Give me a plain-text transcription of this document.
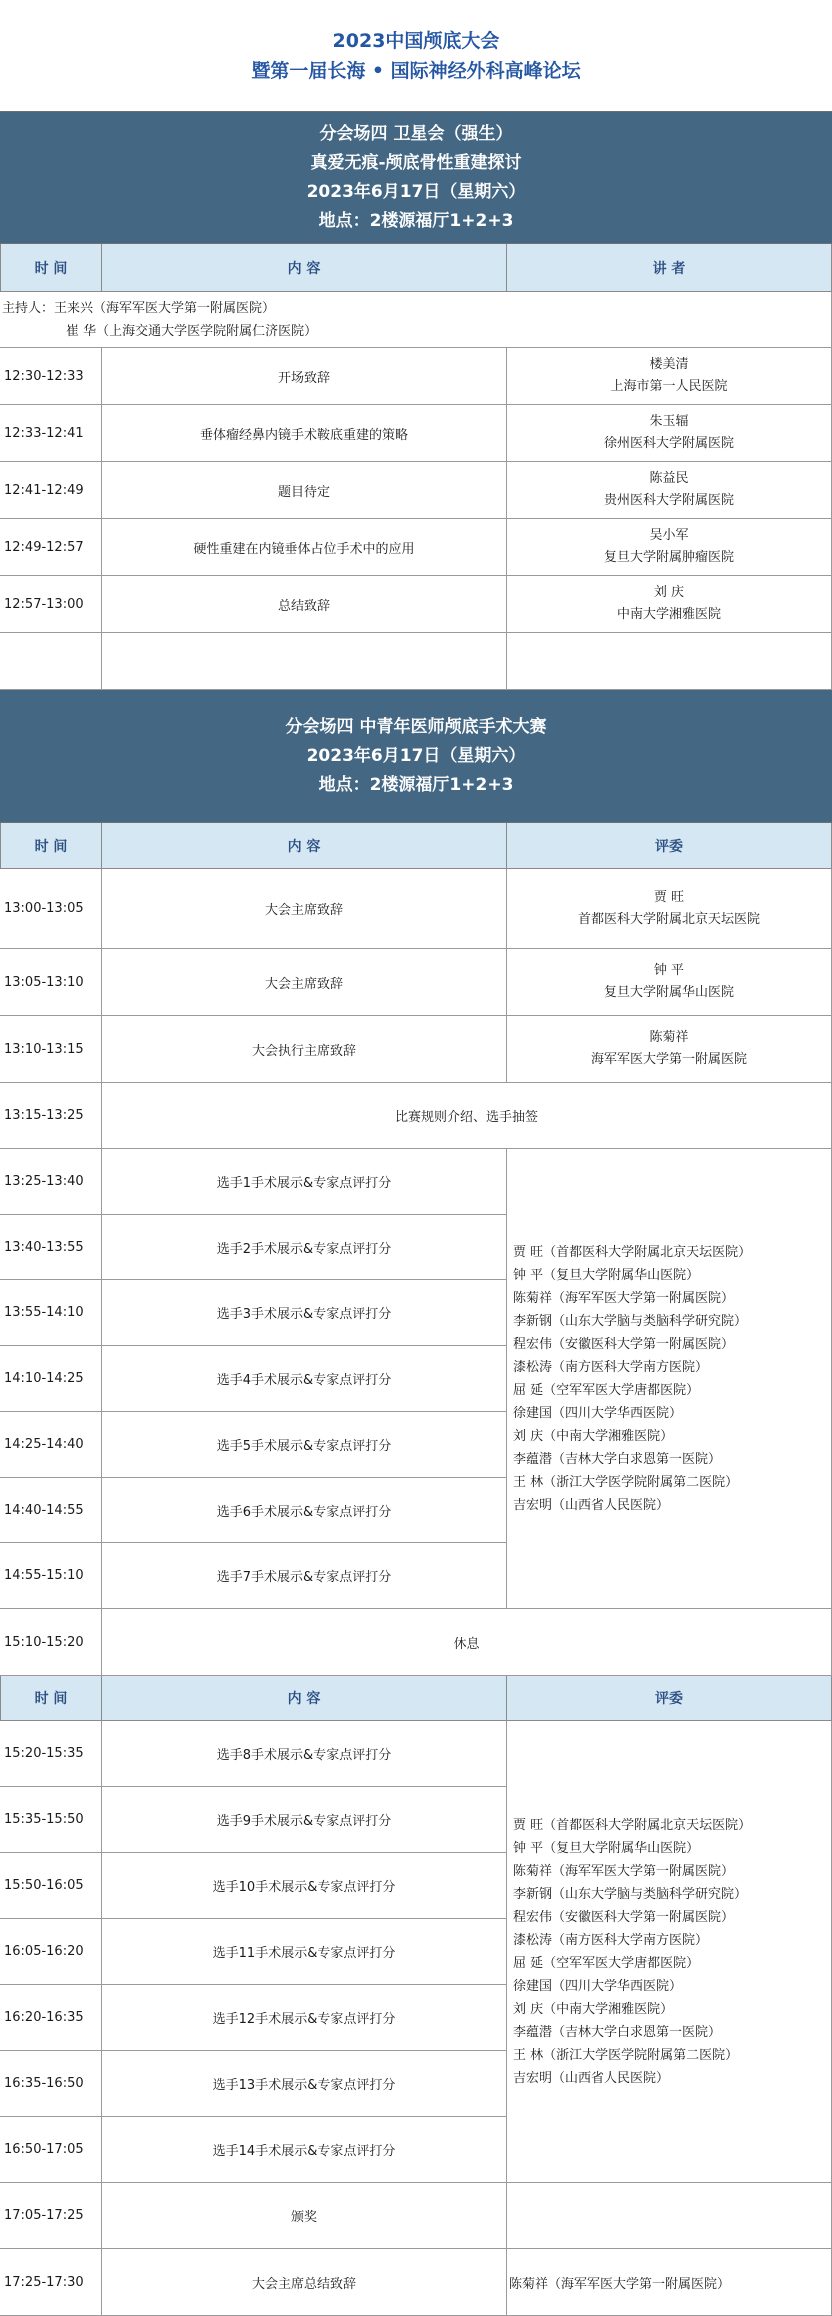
2023中国颅底大会
暨第一届长海 • 国际神经外科高峰论坛
分会场四 卫星会（强生）
真爱无痕-颅底骨性重建探讨
2023年6月17日（星期六）
地点：2楼源福厅1+2+3
时 间	内 容	讲 者
主持人：王来兴（海军军医大学第一附属医院）
崔 华（上海交通大学医学院附属仁济医院）
12:30-12:33	开场致辞
楼美清
上海市第一人民医院
12:33-12:41	垂体瘤经鼻内镜手术鞍底重建的策略
朱玉辐
徐州医科大学附属医院
12:41-12:49	题目待定
陈益民
贵州医科大学附属医院
12:49-12:57	硬性重建在内镜垂体占位手术中的应用
吴小军
复旦大学附属肿瘤医院
12:57-13:00	总结致辞
刘 庆
中南大学湘雅医院
分会场四 中青年医师颅底手术大赛
2023年6月17日（星期六）
地点：2楼源福厅1+2+3
时 间	内 容	评委
13:00-13:05	大会主席致辞
贾 旺
首都医科大学附属北京天坛医院
13:05-13:10	大会主席致辞
钟 平
复旦大学附属华山医院
13:10-13:15	大会执行主席致辞
陈菊祥
海军军医大学第一附属医院
13:15-13:25	比赛规则介绍、选手抽签
13:25-13:40	选手1手术展示&专家点评打分
13:40-13:55	选手2手术展示&专家点评打分
13:55-14:10	选手3手术展示&专家点评打分
14:10-14:25	选手4手术展示&专家点评打分
14:25-14:40	选手5手术展示&专家点评打分
14:40-14:55	选手6手术展示&专家点评打分
14:55-15:10	选手7手术展示&专家点评打分
贾 旺（首都医科大学附属北京天坛医院）
钟 平（复旦大学附属华山医院）
陈菊祥（海军军医大学第一附属医院）
李新钢（山东大学脑与类脑科学研究院）
程宏伟（安徽医科大学第一附属医院）
漆松涛（南方医科大学南方医院）
屈 延（空军军医大学唐都医院）
徐建国（四川大学华西医院）
刘 庆（中南大学湘雅医院）
李蕴潜（吉林大学白求恩第一医院）
王 林（浙江大学医学院附属第二医院）
吉宏明（山西省人民医院）
15:10-15:20	休息
时 间	内 容	评委
15:20-15:35	选手8手术展示&专家点评打分
15:35-15:50	选手9手术展示&专家点评打分
15:50-16:05	选手10手术展示&专家点评打分
16:05-16:20	选手11手术展示&专家点评打分
16:20-16:35	选手12手术展示&专家点评打分
16:35-16:50	选手13手术展示&专家点评打分
16:50-17:05	选手14手术展示&专家点评打分
贾 旺（首都医科大学附属北京天坛医院）
钟 平（复旦大学附属华山医院）
陈菊祥（海军军医大学第一附属医院）
李新钢（山东大学脑与类脑科学研究院）
程宏伟（安徽医科大学第一附属医院）
漆松涛（南方医科大学南方医院）
屈 延（空军军医大学唐都医院）
徐建国（四川大学华西医院）
刘 庆（中南大学湘雅医院）
李蕴潜（吉林大学白求恩第一医院）
王 林（浙江大学医学院附属第二医院）
吉宏明（山西省人民医院）
17:05-17:25	颁奖
17:25-17:30	大会主席总结致辞	陈菊祥（海军军医大学第一附属医院）
